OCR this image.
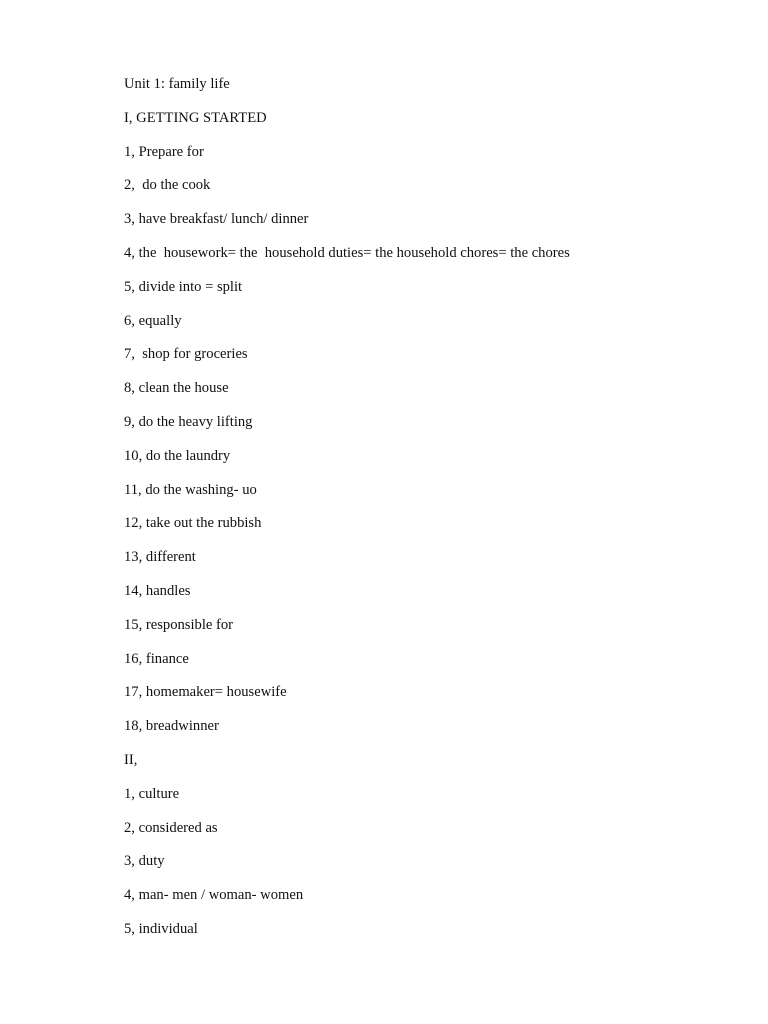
Unit 1: family life
I, GETTING STARTED
1, Prepare for
2,  do the cook
3, have breakfast/ lunch/ dinner
4, the  housework= the  household duties= the household chores= the chores
5, divide into = split
6, equally
7,  shop for groceries
8, clean the house
9, do the heavy lifting
10, do the laundry
11, do the washing- uo
12, take out the rubbish
13, different
14, handles
15, responsible for
16, finance
17, homemaker= housewife
18, breadwinner
II,
1, culture
2, considered as
3, duty
4, man- men / woman- women
5, individual
